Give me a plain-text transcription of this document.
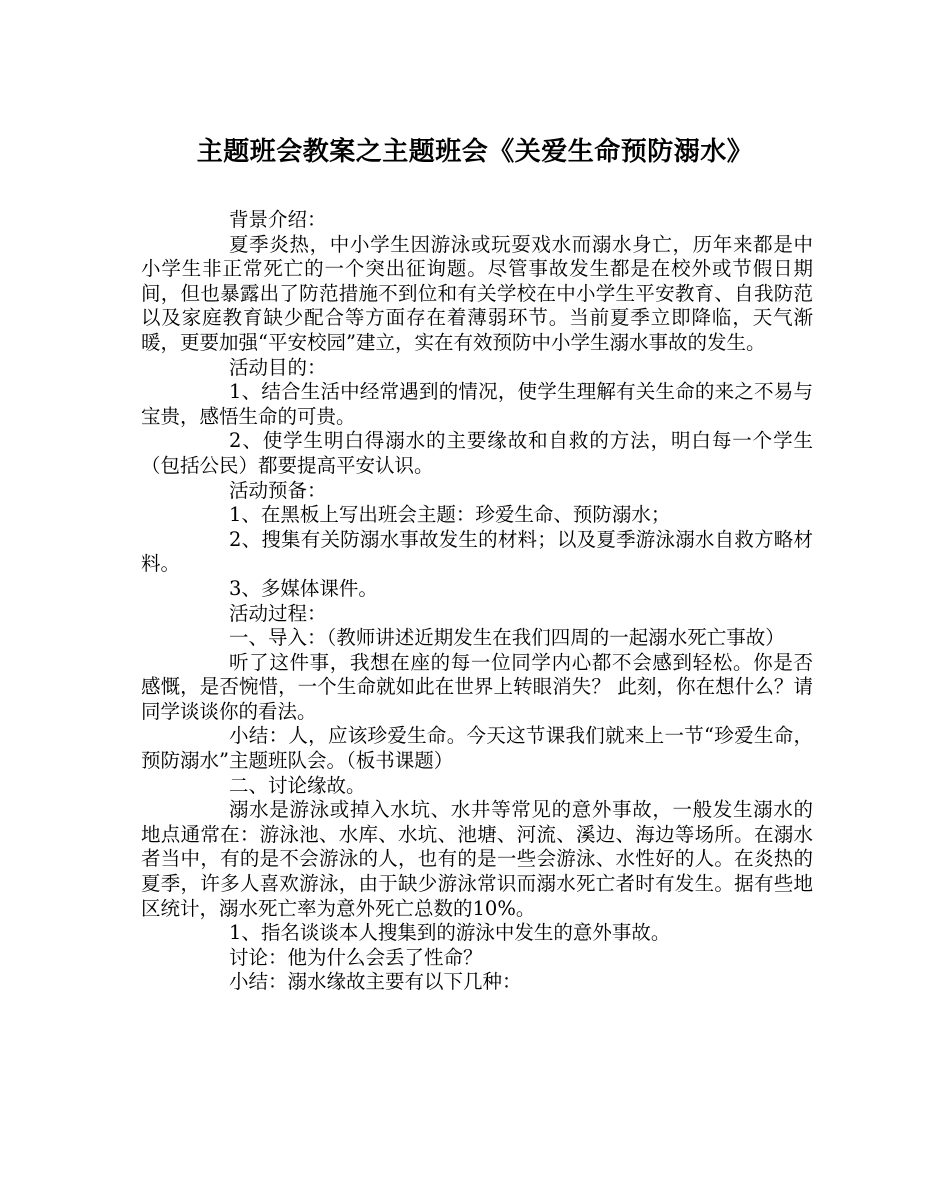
主题班会教案之主题班会《关爱生命预防溺水》

背景介绍：

夏季炎热，中小学生因游泳或玩耍戏水而溺水身亡，历年来都是中小学生非正常死亡的一个突出征询题。尽管事故发生都是在校外或节假日期间，但也暴露出了防范措施不到位和有关学校在中小学生平安教育、自我防范以及家庭教育缺少配合等方面存在着薄弱环节。当前夏季立即降临，天气渐暖，更要加强“平安校园”建立，实在有效预防中小学生溺水事故的发生。

活动目的：

1、结合生活中经常遇到的情况，使学生理解有关生命的来之不易与宝贵，感悟生命的可贵。

2、使学生明白得溺水的主要缘故和自救的方法，明白每一个学生（包括公民）都要提高平安认识。

活动预备：

1、在黑板上写出班会主题：珍爱生命、预防溺水；

2、搜集有关防溺水事故发生的材料；以及夏季游泳溺水自救方略材料。

3、多媒体课件。

活动过程：

一、导入：（教师讲述近期发生在我们四周的一起溺水死亡事故）

听了这件事，我想在座的每一位同学内心都不会感到轻松。你是否感慨，是否惋惜，一个生命就如此在世界上转眼消失？ 此刻，你在想什么？请同学谈谈你的看法。

小结：人，应该珍爱生命。今天这节课我们就来上一节“珍爱生命，预防溺水”主题班队会。（板书课题）

二、讨论缘故。

溺水是游泳或掉入水坑、水井等常见的意外事故，一般发生溺水的地点通常在：游泳池、水库、水坑、池塘、河流、溪边、海边等场所。在溺水者当中，有的是不会游泳的人，也有的是一些会游泳、水性好的人。在炎热的夏季，许多人喜欢游泳，由于缺少游泳常识而溺水死亡者时有发生。据有些地区统计，溺水死亡率为意外死亡总数的10%。

1、指名谈谈本人搜集到的游泳中发生的意外事故。

讨论：他为什么会丢了性命？

小结：溺水缘故主要有以下几种：
